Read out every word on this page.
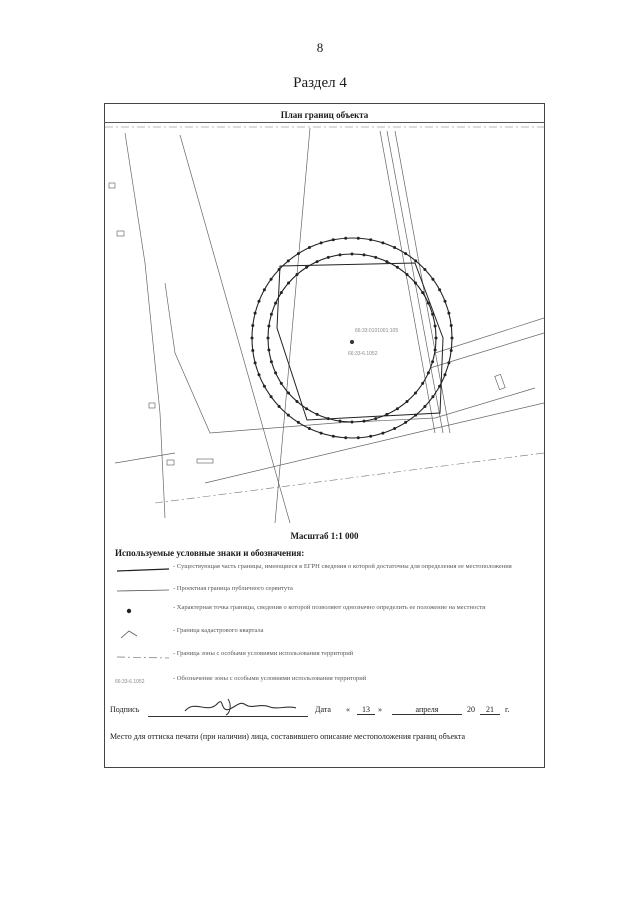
8
Раздел 4
План границ объекта
66:33:0101001:105
66:33-6.1052
Масштаб 1:1 000
Используемые условные знаки и обозначения:
- Существующая часть границы, имеющиеся в ЕГРН сведения о которой достаточны для определения ее местоположения
- Проектная граница публичного сервитута
- Характерная точка границы, сведения о которой позволяют однозначно определить ее положение на местности
- Граница кадастрового квартала
- Граница зоны с особыми условиями использования территорий
66:33-6.1052	- Обозначение зоны с особыми условиями использования территорий
Подпись	Дата «	13	»	апреля	20	21	г.
Место для оттиска печати (при наличии) лица, составившего описание местоположения границ объекта
